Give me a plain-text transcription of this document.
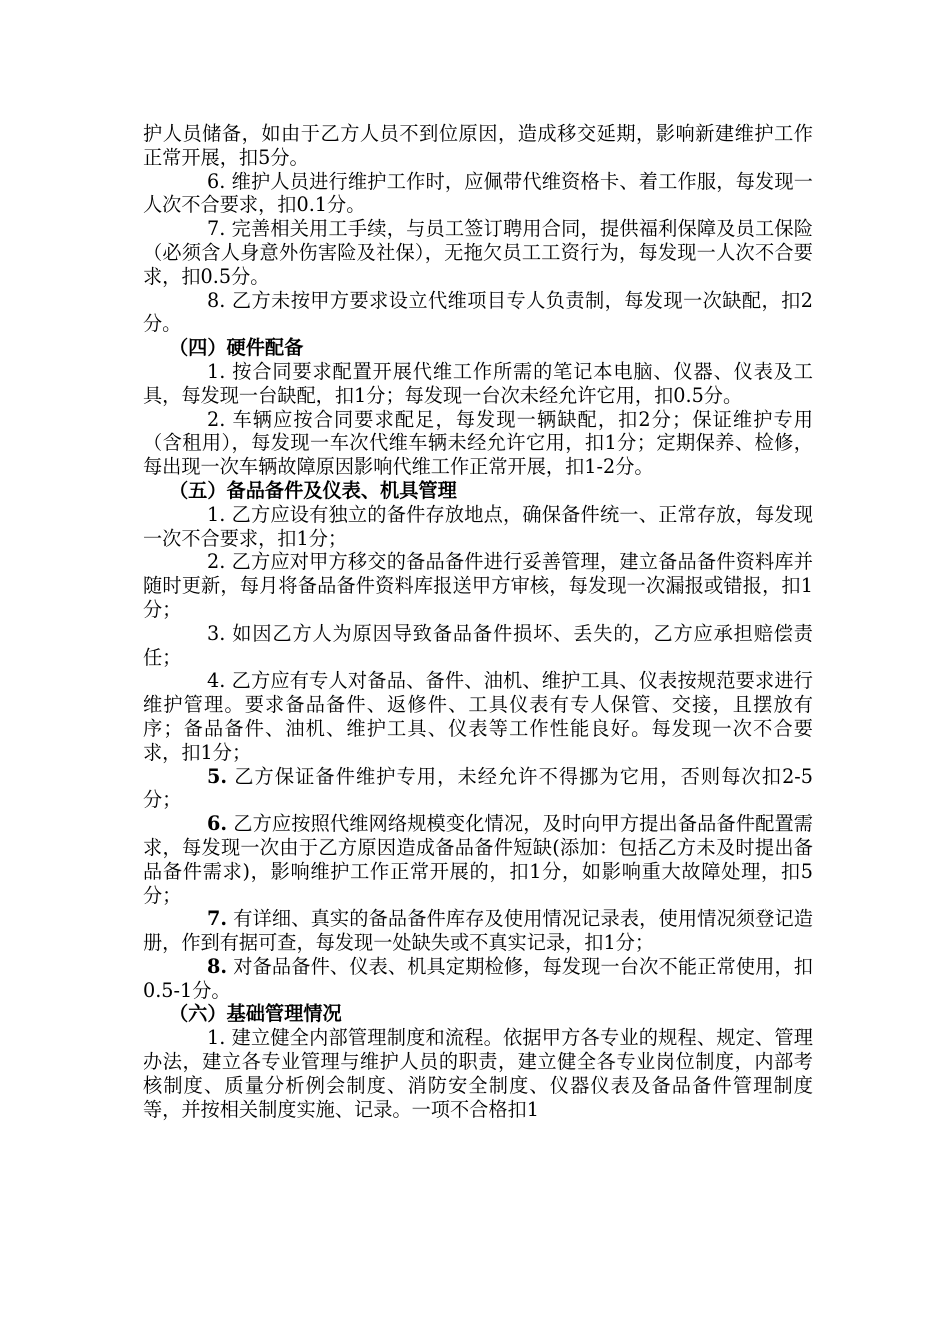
护人员储备，如由于乙方人员不到位原因，造成移交延期，影响新建维护工作正常开展，扣5分。

6. 维护人员进行维护工作时，应佩带代维资格卡、着工作服，每发现一人次不合要求，扣0.1分。

7. 完善相关用工手续，与员工签订聘用合同，提供福利保障及员工保险（必须含人身意外伤害险及社保），无拖欠员工工资行为，每发现一人次不合要求，扣0.5分。

8. 乙方未按甲方要求设立代维项目专人负责制，每发现一次缺配，扣2分。

（四）硬件配备

1. 按合同要求配置开展代维工作所需的笔记本电脑、仪器、仪表及工具，每发现一台缺配，扣1分；每发现一台次未经允许它用，扣0.5分。

2. 车辆应按合同要求配足，每发现一辆缺配，扣2分；保证维护专用（含租用），每发现一车次代维车辆未经允许它用，扣1分；定期保养、检修，每出现一次车辆故障原因影响代维工作正常开展，扣1-2分。

（五）备品备件及仪表、机具管理

1. 乙方应设有独立的备件存放地点，确保备件统一、正常存放，每发现一次不合要求，扣1分；

2. 乙方应对甲方移交的备品备件进行妥善管理，建立备品备件资料库并随时更新，每月将备品备件资料库报送甲方审核，每发现一次漏报或错报，扣1分；

3. 如因乙方人为原因导致备品备件损坏、丢失的，乙方应承担赔偿责任；

4. 乙方应有专人对备品、备件、油机、维护工具、仪表按规范要求进行维护管理。要求备品备件、返修件、工具仪表有专人保管、交接，且摆放有序；备品备件、油机、维护工具、仪表等工作性能良好。每发现一次不合要求，扣1分；

5. 乙方保证备件维护专用，未经允许不得挪为它用，否则每次扣2-5分；

6. 乙方应按照代维网络规模变化情况，及时向甲方提出备品备件配置需求，每发现一次由于乙方原因造成备品备件短缺(添加：包括乙方未及时提出备品备件需求)，影响维护工作正常开展的，扣1分，如影响重大故障处理，扣5分；

7. 有详细、真实的备品备件库存及使用情况记录表，使用情况须登记造册，作到有据可查，每发现一处缺失或不真实记录，扣1分；

8. 对备品备件、仪表、机具定期检修，每发现一台次不能正常使用，扣0.5-1分。

（六）基础管理情况

1. 建立健全内部管理制度和流程。依据甲方各专业的规程、规定、管理办法，建立各专业管理与维护人员的职责，建立健全各专业岗位制度，内部考核制度、质量分析例会制度、消防安全制度、仪器仪表及备品备件管理制度等，并按相关制度实施、记录。一项不合格扣1
